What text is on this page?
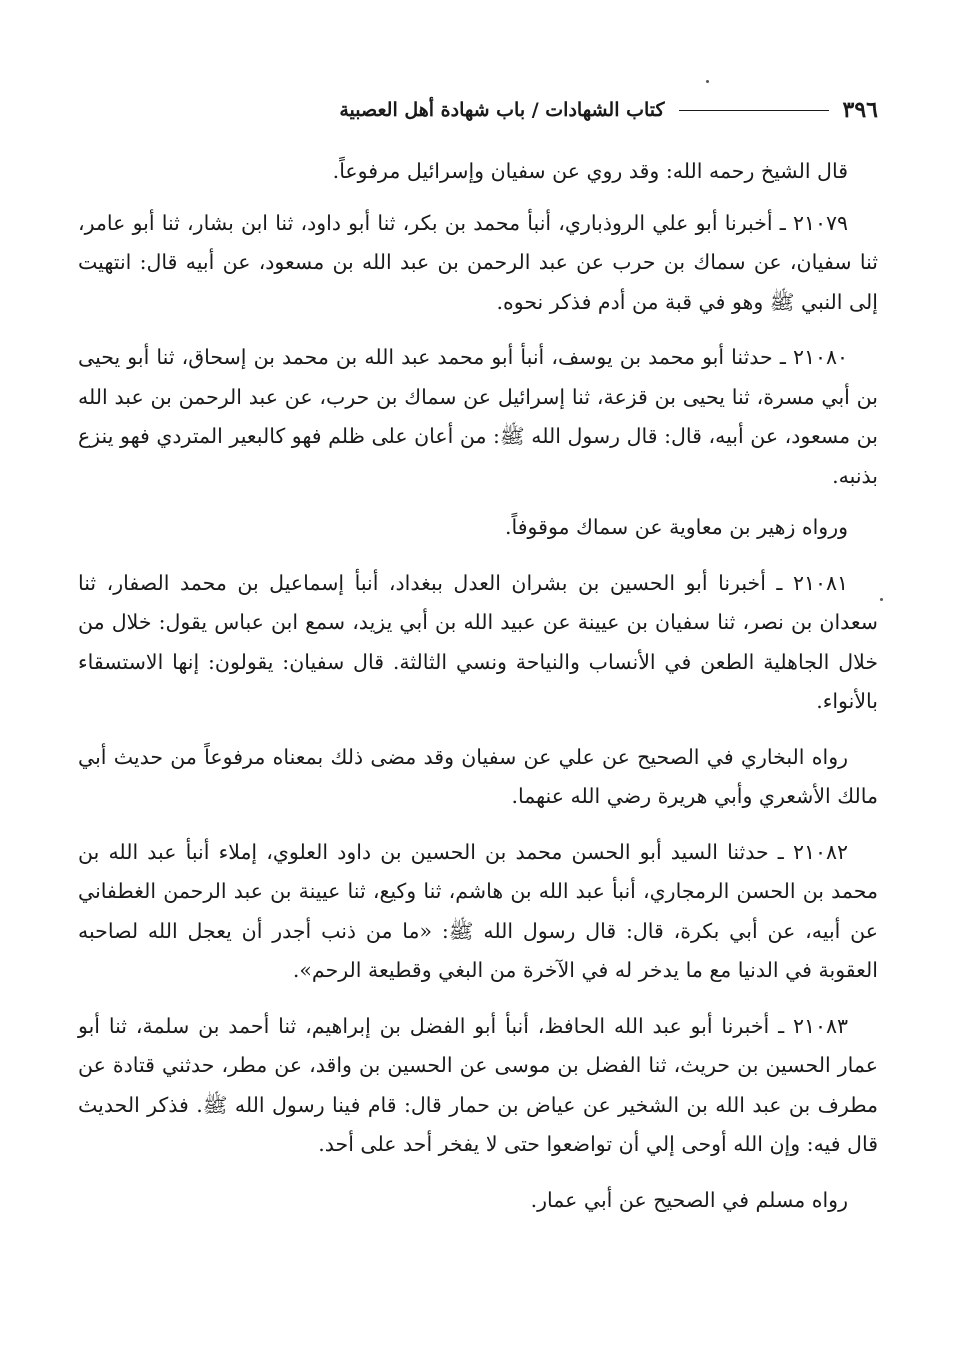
٣٩٦
كتاب الشهادات / باب شهادة أهل العصبية

قال الشيخ رحمه الله: وقد روي عن سفيان وإسرائيل مرفوعاً.

٢١٠٧٩ ـ أخبرنا أبو علي الروذباري، أنبأ محمد بن بكر، ثنا أبو داود، ثنا ابن بشار، ثنا أبو عامر، ثنا سفيان، عن سماك بن حرب عن عبد الرحمن بن عبد الله بن مسعود، عن أبيه قال: انتهيت إلى النبي ﷺ وهو في قبة من أدم فذكر نحوه.

٢١٠٨٠ ـ حدثنا أبو محمد بن يوسف، أنبأ أبو محمد عبد الله بن محمد بن إسحاق، ثنا أبو يحيى بن أبي مسرة، ثنا يحيى بن قزعة، ثنا إسرائيل عن سماك بن حرب، عن عبد الرحمن بن عبد الله بن مسعود، عن أبيه، قال: قال رسول الله ﷺ: من أعان على ظلم فهو كالبعير المتردي فهو ينزع بذنبه.

ورواه زهير بن معاوية عن سماك موقوفاً.

٢١٠٨١ ـ أخبرنا أبو الحسين بن بشران العدل ببغداد، أنبأ إسماعيل بن محمد الصفار، ثنا سعدان بن نصر، ثنا سفيان بن عيينة عن عبيد الله بن أبي يزيد، سمع ابن عباس يقول: خلال من خلال الجاهلية الطعن في الأنساب والنياحة ونسي الثالثة. قال سفيان: يقولون: إنها الاستسقاء بالأنواء.

رواه البخاري في الصحيح عن علي عن سفيان وقد مضى ذلك بمعناه مرفوعاً من حديث أبي مالك الأشعري وأبي هريرة رضي الله عنهما.

٢١٠٨٢ ـ حدثنا السيد أبو الحسن محمد بن الحسين بن داود العلوي، إملاء أنبأ عبد الله بن محمد بن الحسن الرمجاري، أنبأ عبد الله بن هاشم، ثنا وكيع، ثنا عيينة بن عبد الرحمن الغطفاني عن أبيه، عن أبي بكرة، قال: قال رسول الله ﷺ: «ما من ذنب أجدر أن يعجل الله لصاحبه العقوبة في الدنيا مع ما يدخر له في الآخرة من البغي وقطيعة الرحم».

٢١٠٨٣ ـ أخبرنا أبو عبد الله الحافظ، أنبأ أبو الفضل بن إبراهيم، ثنا أحمد بن سلمة، ثنا أبو عمار الحسين بن حريث، ثنا الفضل بن موسى عن الحسين بن واقد، عن مطر، حدثني قتادة عن مطرف بن عبد الله بن الشخير عن عياض بن حمار قال: قام فينا رسول الله ﷺ. فذكر الحديث قال فيه: وإن الله أوحى إلي أن تواضعوا حتى لا يفخر أحد على أحد.

رواه مسلم في الصحيح عن أبي عمار.
